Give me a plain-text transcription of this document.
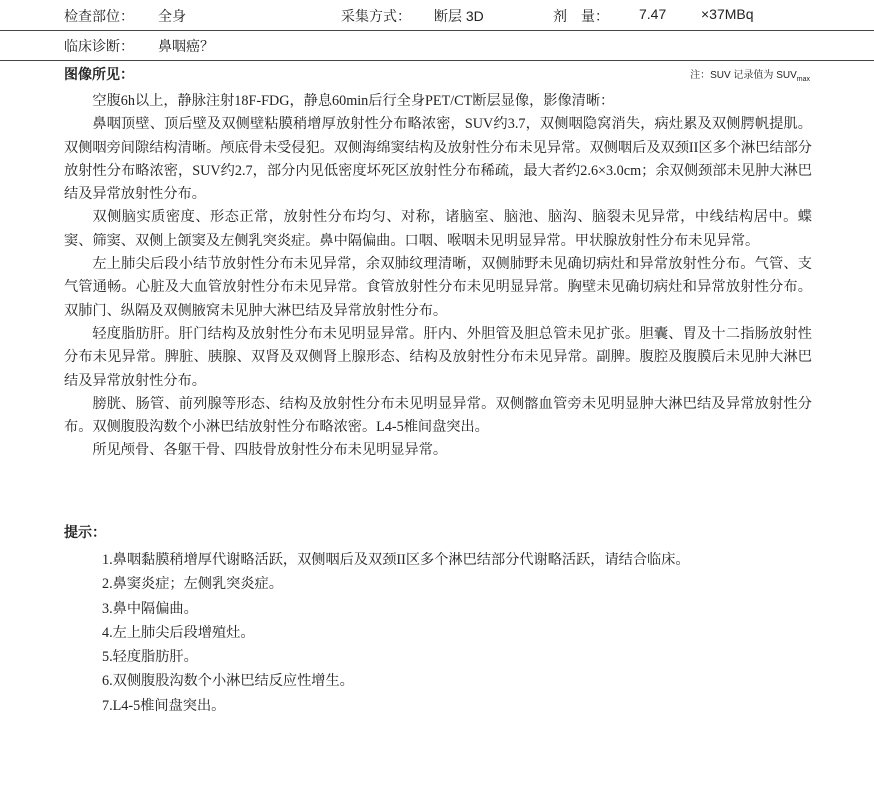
检查部位： 全身	采集方式： 断层 3D	剂　量： 7.47 ×37MBq
临床诊断： 鼻咽癌？
图像所见：	注：SUV 记录值为 $SUV_{max}$

空腹6h以上，静脉注射18F-FDG，静息60min后行全身PET/CT断层显像，影像清晰：

鼻咽顶壁、顶后壁及双侧壁粘膜稍增厚放射性分布略浓密，SUV约3.7，双侧咽隐窝消失，病灶累及双侧腭帆提肌。双侧咽旁间隙结构清晰。颅底骨未受侵犯。双侧海绵窦结构及放射性分布未见异常。双侧咽后及双颈II区多个淋巴结部分放射性分布略浓密，SUV约2.7，部分内见低密度坏死区放射性分布稀疏，最大者约2.6×3.0cm；余双侧颈部未见肿大淋巴结及异常放射性分布。

双侧脑实质密度、形态正常，放射性分布均匀、对称，诸脑室、脑池、脑沟、脑裂未见异常，中线结构居中。蝶窦、筛窦、双侧上颌窦及左侧乳突炎症。鼻中隔偏曲。口咽、喉咽未见明显异常。甲状腺放射性分布未见异常。

左上肺尖后段小结节放射性分布未见异常，余双肺纹理清晰，双侧肺野未见确切病灶和异常放射性分布。气管、支气管通畅。心脏及大血管放射性分布未见异常。食管放射性分布未见明显异常。胸壁未见确切病灶和异常放射性分布。双肺门、纵隔及双侧腋窝未见肿大淋巴结及异常放射性分布。

轻度脂肪肝。肝门结构及放射性分布未见明显异常。肝内、外胆管及胆总管未见扩张。胆囊、胃及十二指肠放射性分布未见异常。脾脏、胰腺、双肾及双侧肾上腺形态、结构及放射性分布未见异常。副脾。腹腔及腹膜后未见肿大淋巴结及异常放射性分布。

膀胱、肠管、前列腺等形态、结构及放射性分布未见明显异常。双侧髂血管旁未见明显肿大淋巴结及异常放射性分布。双侧腹股沟数个小淋巴结放射性分布略浓密。L4-5椎间盘突出。

所见颅骨、各躯干骨、四肢骨放射性分布未见明显异常。

提示：
1.鼻咽黏膜稍增厚代谢略活跃，双侧咽后及双颈II区多个淋巴结部分代谢略活跃，请结合临床。
2.鼻窦炎症；左侧乳突炎症。
3.鼻中隔偏曲。
4.左上肺尖后段增殖灶。
5.轻度脂肪肝。
6.双侧腹股沟数个小淋巴结反应性增生。
7.L4-5椎间盘突出。
